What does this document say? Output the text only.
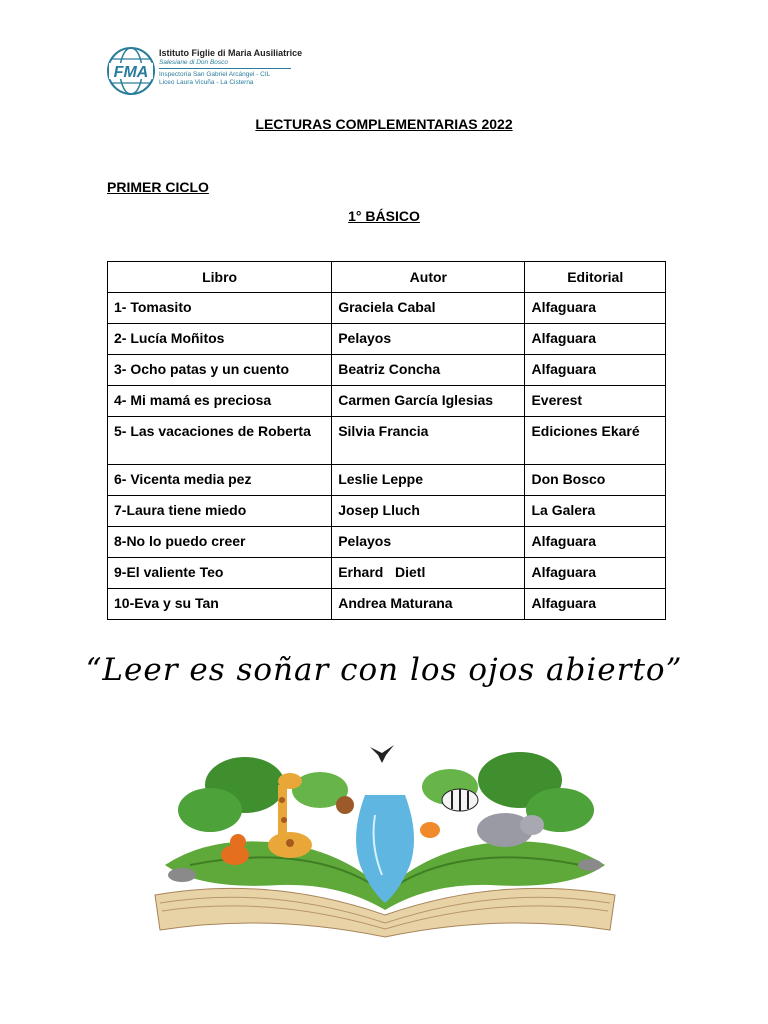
FMA
Istituto Figlie di Maria Ausiliatrice
Salesiane di Don Bosco
Inspectoría San Gabriel Arcángel - CIL
Liceo Laura Vicuña - La Cisterna
LECTURAS COMPLEMENTARIAS 2022
PRIMER CICLO
1° BÁSICO
Libro	Autor	Editorial
1- Tomasito	Graciela Cabal	Alfaguara
2- Lucía Moñitos	Pelayos	Alfaguara
3- Ocho patas y un cuento	Beatriz Concha	Alfaguara
4- Mi mamá es preciosa	Carmen García Iglesias	Everest
5- Las vacaciones de Roberta	Silvia Francia	Ediciones Ekaré
6- Vicenta media pez	Leslie Leppe	Don Bosco
7-Laura tiene miedo	Josep Lluch	La Galera
8-No lo puedo creer	Pelayos	Alfaguara
9-El valiente Teo	Erhard   Dietl	Alfaguara
10-Eva y su Tan	Andrea Maturana	Alfaguara
“Leer es soñar con los ojos abierto”
